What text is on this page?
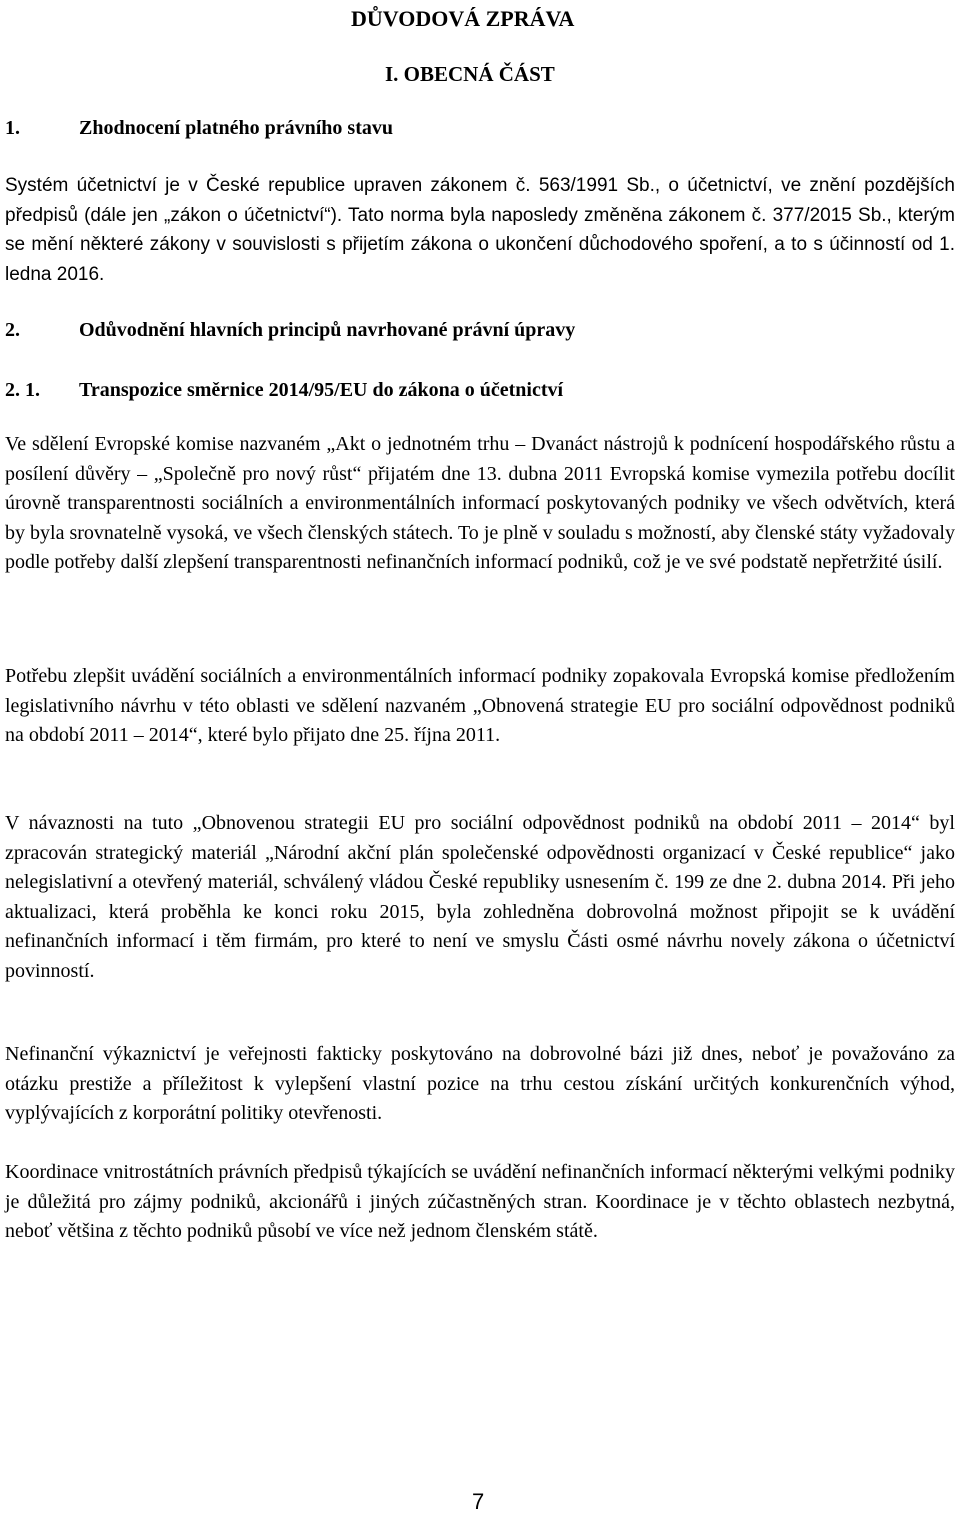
DŮVODOVÁ ZPRÁVA
I. OBECNÁ ČÁST
1.	Zhodnocení platného právního stavu

Systém účetnictví je v České republice upraven zákonem č. 563/1991 Sb., o účetnictví, ve znění pozdějších předpisů (dále jen „zákon o účetnictví“). Tato norma byla naposledy změněna zákonem č. 377/2015 Sb., kterým se mění některé zákony v souvislosti s přijetím zákona o ukončení důchodového spoření, a to s účinností od 1. ledna 2016.

2.	Odůvodnění hlavních principů navrhované právní úpravy
2. 1. Transpozice směrnice 2014/95/EU do zákona o účetnictví

Ve sdělení Evropské komise nazvaném „Akt o jednotném trhu – Dvanáct nástrojů k podnícení hospodářského růstu a posílení důvěry – „Společně pro nový růst“ přijatém dne 13. dubna 2011 Evropská komise vymezila potřebu docílit úrovně transparentnosti sociálních a environmentálních informací poskytovaných podniky ve všech odvětvích, která by byla srovnatelně vysoká, ve všech členských státech. To je plně v souladu s možností, aby členské státy vyžadovaly podle potřeby další zlepšení transparentnosti nefinančních informací podniků, což je ve své podstatě nepřetržité úsilí.

Potřebu zlepšit uvádění sociálních a environmentálních informací podniky zopakovala Evropská komise předložením legislativního návrhu v této oblasti ve sdělení nazvaném „Obnovená strategie EU pro sociální odpovědnost podniků na období 2011 – 2014“, které bylo přijato dne 25. října 2011.

V návaznosti na tuto „Obnovenou strategii EU pro sociální odpovědnost podniků na období 2011 – 2014“ byl zpracován strategický materiál „Národní akční plán společenské odpovědnosti organizací v České republice“ jako nelegislativní a otevřený materiál, schválený vládou České republiky usnesením č. 199 ze dne 2. dubna 2014. Při jeho aktualizaci, která proběhla ke konci roku 2015, byla zohledněna dobrovolná možnost připojit se k uvádění nefinančních informací i těm firmám, pro které to není ve smyslu Části osmé návrhu novely zákona o účetnictví povinností.

Nefinanční výkaznictví je veřejnosti fakticky poskytováno na dobrovolné bázi již dnes, neboť je považováno za otázku prestiže a příležitost k vylepšení vlastní pozice na trhu cestou získání určitých konkurenčních výhod, vyplývajících z korporátní politiky otevřenosti.

Koordinace vnitrostátních právních předpisů týkajících se uvádění nefinančních informací některými velkými podniky je důležitá pro zájmy podniků, akcionářů i jiných zúčastněných stran. Koordinace je v těchto oblastech nezbytná, neboť většina z těchto podniků působí ve více než jednom členském státě.

7
